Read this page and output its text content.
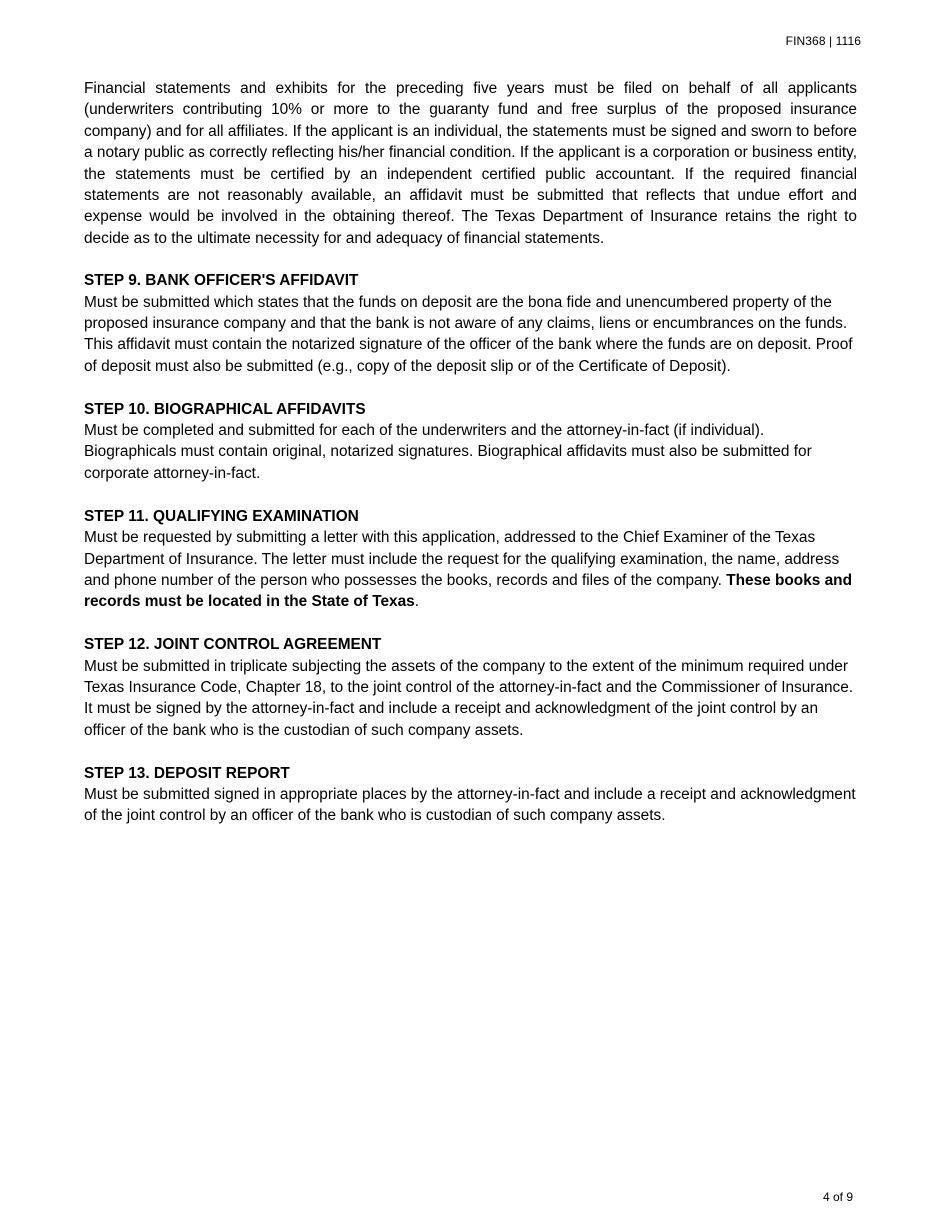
FIN368 | 1116

Financial statements and exhibits for the preceding five years must be filed on behalf of all applicants (underwriters contributing 10% or more to the guaranty fund and free surplus of the proposed insurance company) and for all affiliates. If the applicant is an individual, the statements must be signed and sworn to before a notary public as correctly reflecting his/her financial condition. If the applicant is a corporation or business entity, the statements must be certified by an independent certified public accountant. If the required financial statements are not reasonably available, an affidavit must be submitted that reflects that undue effort and expense would be involved in the obtaining thereof. The Texas Department of Insurance retains the right to decide as to the ultimate necessity for and adequacy of financial statements.

STEP 9. BANK OFFICER'S AFFIDAVIT

Must be submitted which states that the funds on deposit are the bona fide and unencumbered property of the proposed insurance company and that the bank is not aware of any claims, liens or encumbrances on the funds. This affidavit must contain the notarized signature of the officer of the bank where the funds are on deposit. Proof of deposit must also be submitted (e.g., copy of the deposit slip or of the Certificate of Deposit).

STEP 10. BIOGRAPHICAL AFFIDAVITS

Must be completed and submitted for each of the underwriters and the attorney-in-fact (if individual). Biographicals must contain original, notarized signatures. Biographical affidavits must also be submitted for corporate attorney-in-fact.

STEP 11. QUALIFYING EXAMINATION

Must be requested by submitting a letter with this application, addressed to the Chief Examiner of the Texas Department of Insurance. The letter must include the request for the qualifying examination, the name, address and phone number of the person who possesses the books, records and files of the company. These books and records must be located in the State of Texas.

STEP 12. JOINT CONTROL AGREEMENT

Must be submitted in triplicate subjecting the assets of the company to the extent of the minimum required under Texas Insurance Code, Chapter 18, to the joint control of the attorney-in-fact and the Commissioner of Insurance. It must be signed by the attorney-in-fact and include a receipt and acknowledgment of the joint control by an officer of the bank who is the custodian of such company assets.

STEP 13. DEPOSIT REPORT

Must be submitted signed in appropriate places by the attorney-in-fact and include a receipt and acknowledgment of the joint control by an officer of the bank who is custodian of such company assets.

4 of 9
